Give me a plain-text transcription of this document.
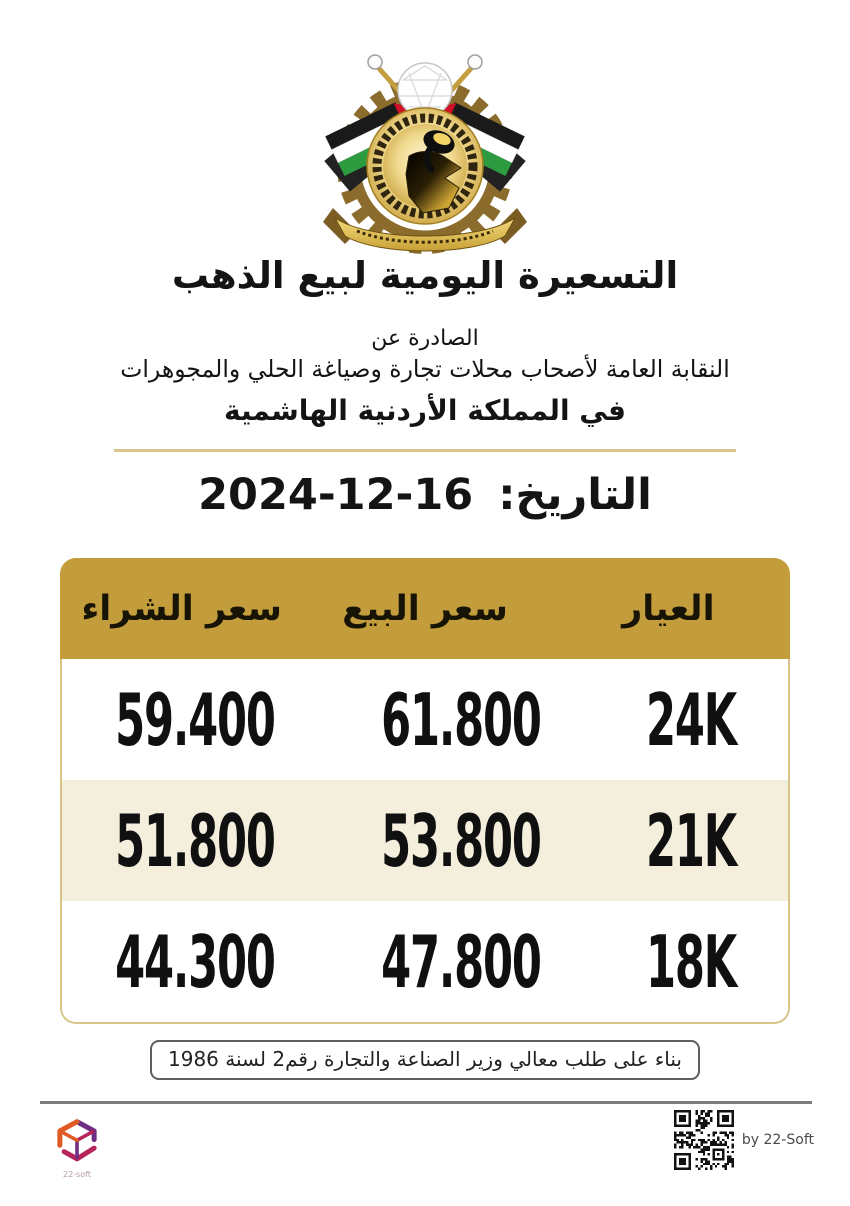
التسعيرة اليومية لبيع الذهب
الصادرة عن
النقابة العامة لأصحاب محلات تجارة وصياغة الحلي والمجوهرات
في المملكة الأردنية الهاشمية
التاريخ: 16-12-2024
العيار
سعر البيع
سعر الشراء
24K
61.800
59.400
21K
53.800
51.800
18K
47.800
44.300
بناء على طلب معالي وزير الصناعة والتجارة رقم2 لسنة 1986
22-soft
by 22-Soft
